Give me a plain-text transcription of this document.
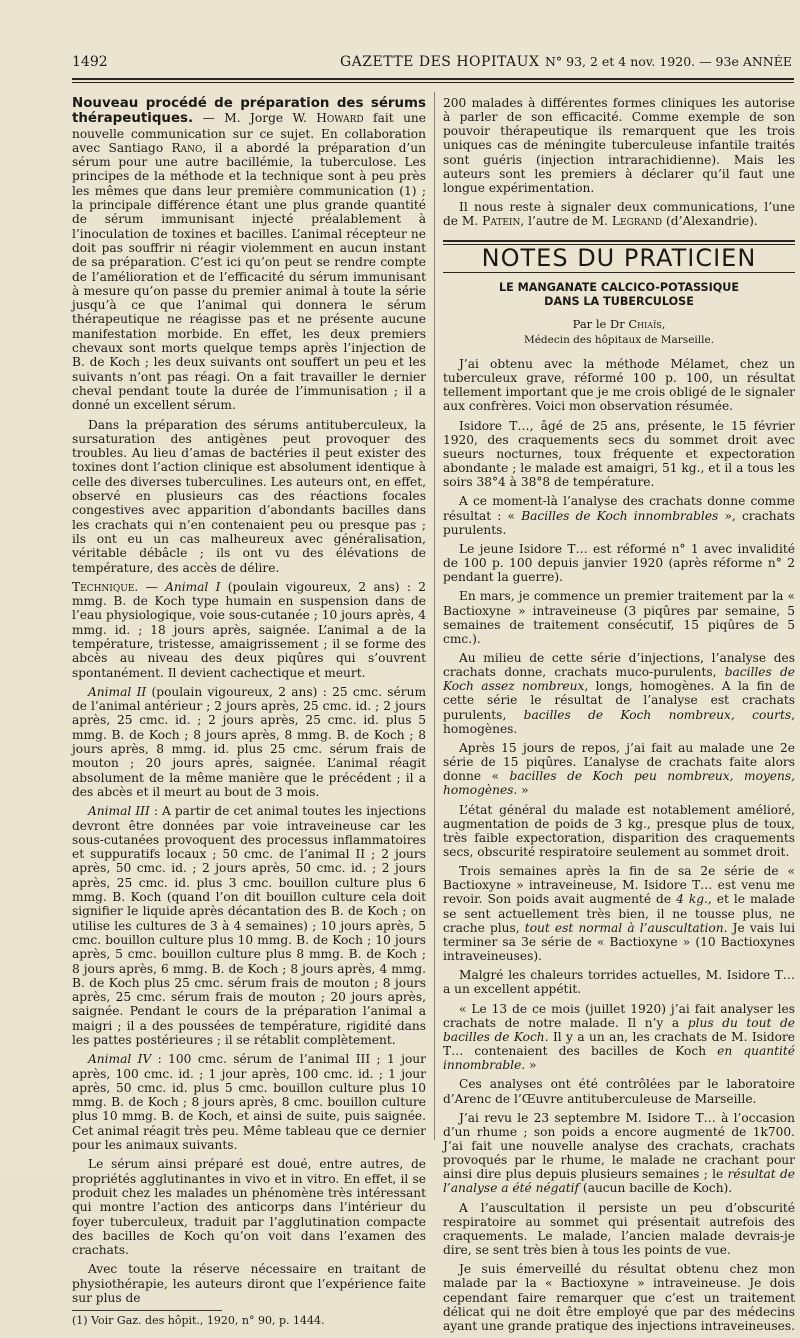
1492	GAZETTE DES HOPITAUX N° 93, 2 et 4 nov. 1920. — 93e ANNÉE

Nouveau procédé de préparation des sérums thérapeutiques. — M. Jorge W. Howard fait une nouvelle communication sur ce sujet. En collaboration avec Santiago Rano, il a abordé la préparation d’un sérum pour une autre bacillémie, la tuberculose. Les principes de la méthode et la technique sont à peu près les mêmes que dans leur première communication (1) ; la principale différence étant une plus grande quantité de sérum immunisant injecté préalablement à l’inoculation de toxines et bacilles. L’animal récepteur ne doit pas souffrir ni réagir violemment en aucun instant de sa préparation. C’est ici qu’on peut se rendre compte de l’amélioration et de l’efficacité du sérum immunisant à mesure qu’on passe du premier animal à toute la série jusqu’à ce que l’animal qui donnera le sérum thérapeutique ne réagisse pas et ne présente aucune manifestation morbide. En effet, les deux premiers chevaux sont morts quelque temps après l’injection de B. de Koch ; les deux suivants ont souffert un peu et les suivants n’ont pas réagi. On a fait travailler le dernier cheval pendant toute la durée de l’immunisation ; il a donné un excellent sérum.

Dans la préparation des sérums antituberculeux, la sursaturation des antigènes peut provoquer des troubles. Au lieu d’amas de bactéries il peut exister des toxines dont l’action clinique est absolument identique à celle des diverses tuberculines. Les auteurs ont, en effet, observé en plusieurs cas des réactions focales congestives avec apparition d’abondants bacilles dans les crachats qui n’en contenaient peu ou presque pas ; ils ont eu un cas malheureux avec généralisation, véritable débâcle ; ils ont vu des élévations de température, des accès de délire.

Technique. — Animal I (poulain vigoureux, 2 ans) : 2 mmg. B. de Koch type humain en suspension dans de l’eau physiologique, voie sous-cutanée ; 10 jours après, 4 mmg. id. ; 18 jours après, saignée. L’animal a de la température, tristesse, amaigrissement ; il se forme des abcès au niveau des deux piqûres qui s’ouvrent spontanément. Il devient cachectique et meurt.

Animal II (poulain vigoureux, 2 ans) : 25 cmc. sérum de l’animal antérieur ; 2 jours après, 25 cmc. id. ; 2 jours après, 25 cmc. id. ; 2 jours après, 25 cmc. id. plus 5 mmg. B. de Koch ; 8 jours après, 8 mmg. B. de Koch ; 8 jours après, 8 mmg. id. plus 25 cmc. sérum frais de mouton ; 20 jours après, saignée. L’animal réagit absolument de la même manière que le précédent ; il a des abcès et il meurt au bout de 3 mois.

Animal III : A partir de cet animal toutes les injections devront être données par voie intraveineuse car les sous-cutanées provoquent des processus inflammatoires et suppuratifs locaux ; 50 cmc. de l’animal II ; 2 jours après, 50 cmc. id. ; 2 jours après, 50 cmc. id. ; 2 jours après, 25 cmc. id. plus 3 cmc. bouillon culture plus 6 mmg. B. Koch (quand l’on dit bouillon culture cela doit signifier le liquide après décantation des B. de Koch ; on utilise les cultures de 3 à 4 semaines) ; 10 jours après, 5 cmc. bouillon culture plus 10 mmg. B. de Koch ; 10 jours après, 5 cmc. bouillon culture plus 8 mmg. B. de Koch ; 8 jours après, 6 mmg. B. de Koch ; 8 jours après, 4 mmg. B. de Koch plus 25 cmc. sérum frais de mouton ; 8 jours après, 25 cmc. sérum frais de mouton ; 20 jours après, saignée. Pendant le cours de la préparation l’animal a maigri ; il a des poussées de température, rigidité dans les pattes postérieures ; il se rétablit complètement.

Animal IV : 100 cmc. sérum de l’animal III ; 1 jour après, 100 cmc. id. ; 1 jour après, 100 cmc. id. ; 1 jour après, 50 cmc. id. plus 5 cmc. bouillon culture plus 10 mmg. B. de Koch ; 8 jours après, 8 cmc. bouillon culture plus 10 mmg. B. de Koch, et ainsi de suite, puis saignée. Cet animal réagit très peu. Même tableau que ce dernier pour les animaux suivants.

Le sérum ainsi préparé est doué, entre autres, de propriétés agglutinantes in vivo et in vitro. En effet, il se produit chez les malades un phénomène très intéressant qui montre l’action des anticorps dans l’intérieur du foyer tuberculeux, traduit par l’agglutination compacte des bacilles de Koch qu’on voit dans l’examen des crachats.

Avec toute la réserve nécessaire en traitant de physiothérapie, les auteurs diront que l’expérience faite sur plus de

(1) Voir Gaz. des hôpit., 1920, n° 90, p. 1444.

200 malades à différentes formes cliniques les autorise à parler de son efficacité. Comme exemple de son pouvoir thérapeutique ils remarquent que les trois uniques cas de méningite tuberculeuse infantile traités sont guéris (injection intrarachidienne). Mais les auteurs sont les premiers à déclarer qu’il faut une longue expérimentation.

Il nous reste à signaler deux communications, l’une de M. Patein, l’autre de M. Legrand (d’Alexandrie).

NOTES DU PRATICIEN
LE MANGANATE CALCICO-POTASSIQUE
DANS LA TUBERCULOSE

Par le Dr Chiaïs,

Médecin des hôpitaux de Marseille.

J’ai obtenu avec la méthode Mélamet, chez un tuberculeux grave, réformé 100 p. 100, un résultat tellement important que je me crois obligé de le signaler aux confrères. Voici mon observation résumée.

Isidore T…, âgé de 25 ans, présente, le 15 février 1920, des craquements secs du sommet droit avec sueurs nocturnes, toux fréquente et expectoration abondante ; le malade est amaigri, 51 kg., et il a tous les soirs 38°4 à 38°8 de température.

A ce moment-là l’analyse des crachats donne comme résultat : « Bacilles de Koch innombrables », crachats purulents.

Le jeune Isidore T… est réformé n° 1 avec invalidité de 100 p. 100 depuis janvier 1920 (après réforme n° 2 pendant la guerre).

En mars, je commence un premier traitement par la « Bactioxyne » intraveineuse (3 piqûres par semaine, 5 semaines de traitement consécutif, 15 piqûres de 5 cmc.).

Au milieu de cette série d’injections, l’analyse des crachats donne, crachats muco-purulents, bacilles de Koch assez nombreux, longs, homogènes. A la fin de cette série le résultat de l’analyse est crachats purulents, bacilles de Koch nombreux, courts, homogènes.

Après 15 jours de repos, j’ai fait au malade une 2e série de 15 piqûres. L’analyse de crachats faite alors donne « bacilles de Koch peu nombreux, moyens, homogènes. »

L’état général du malade est notablement amélioré, augmentation de poids de 3 kg., presque plus de toux, très faible expectoration, disparition des craquements secs, obscurité respiratoire seulement au sommet droit.

Trois semaines après la fin de sa 2e série de « Bactioxyne » intraveineuse, M. Isidore T… est venu me revoir. Son poids avait augmenté de 4 kg., et le malade se sent actuellement très bien, il ne tousse plus, ne crache plus, tout est normal à l’auscultation. Je vais lui terminer sa 3e série de « Bactioxyne » (10 Bactioxynes intraveineuses).

Malgré les chaleurs torrides actuelles, M. Isidore T… a un excellent appétit.

« Le 13 de ce mois (juillet 1920) j’ai fait analyser les crachats de notre malade. Il n’y a plus du tout de bacilles de Koch. Il y a un an, les crachats de M. Isidore T… contenaient des bacilles de Koch en quantité innombrable. »

Ces analyses ont été contrôlées par le laboratoire d’Arenc de l’Œuvre antituberculeuse de Marseille.

J’ai revu le 23 septembre M. Isidore T… à l’occasion d’un rhume ; son poids a encore augmenté de 1k700. J’ai fait une nouvelle analyse des crachats, crachats provoqués par le rhume, le malade ne crachant pour ainsi dire plus depuis plusieurs semaines ; le résultat de l’analyse a été négatif (aucun bacille de Koch).

A l’auscultation il persiste un peu d’obscurité respiratoire au sommet qui présentait autrefois des craquements. Le malade, l’ancien malade devrais-je dire, se sent très bien à tous les points de vue.

Je suis émerveillé du résultat obtenu chez mon malade par la « Bactioxyne » intraveineuse. Je dois cependant faire remarquer que c’est un traitement délicat qui ne doit être employé que par des médecins ayant une grande pratique des injections intraveineuses.
